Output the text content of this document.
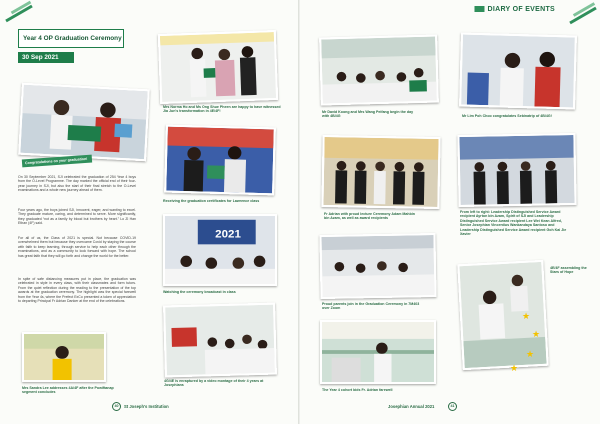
Year 4 OP Graduation Ceremony
30 Sep 2021
Congratulations on your graduation!
On 30 September 2021, SJI celebrated the graduation of 254 Year 4 boys from the O-Level Programme. The day marked the official end of their four-year journey in SJI, but also the start of their final stretch to the O-Level examinations and a whole new journey ahead of them.
Four years ago, the boys joined SJI, innocent, eager, and wanting to excel. They graduate mature, caring, and determined to serve. More significantly, they graduated “not as a family by blood but brothers by heart.” Lo Zi Han Ethan (4F) said.
For all of us, the Class of 2021 is special. Not because COVID-19 overwhelmed them but because they overcame Covid by staying the course with faith to keep learning, through service to help each other through the examinations, and as a community to look forward with hope. The school has great faith that they will go forth and change the world for the better.
In spite of safe distancing measures put in place, the graduation was celebrated in style in every class, with their classmates and form tutors. From the quiet reflection during the reading to the presentation of the top awards at the graduation ceremony. The highlight was the special farewell from the Year 4s, where the Prefect ExCo presented a token of appreciation to departing Principal Fr Adrian Danker at the end of the celebrations.
Mrs Sandra Lee addresses 4A/4F after the Powiftanap segment concludes
Mrs Norma Ho and Ms Ong Shue Pheen are happy to have witnessed Jia Jun's transformation in 4E/4F!
Receiving the graduation certificates for Lawrence class
2021
Watching the ceremony broadcast in class
4G/4E is enraptured by a video montage of their 4 years at Josephians
40	St Joseph's Institution
Mr David Koong and Mrs Wang Peifang begin the day with 4B/4G	Mr Lim Poh Choo congratulates Sebinatrip of 4B/4G!
Fr Adrian with proud lecture Ceremony Adam Mahbin bin Azam, as well as award recipients
From left to right: Leadership Distinguished Service Award recipient Ayrton bin Azam, Spirit of SJI and Leadership Distinguished Service Award recipient Lee Wei Kean Alfred, Senior Josephian Vincentius Wankandaya Santoso and Leadership Distinguished Service Award recipient Goh Kai Jie Xavier
Proud parents join in the Graduation Ceremony in 7M403 over Zoom
The Year 4 cohort bids Fr. Adrian farewell
★
★
★
★
4E/4F assembling the Stars of Hope
Josephian Annual 2021	41
DIARY OF EVENTS
